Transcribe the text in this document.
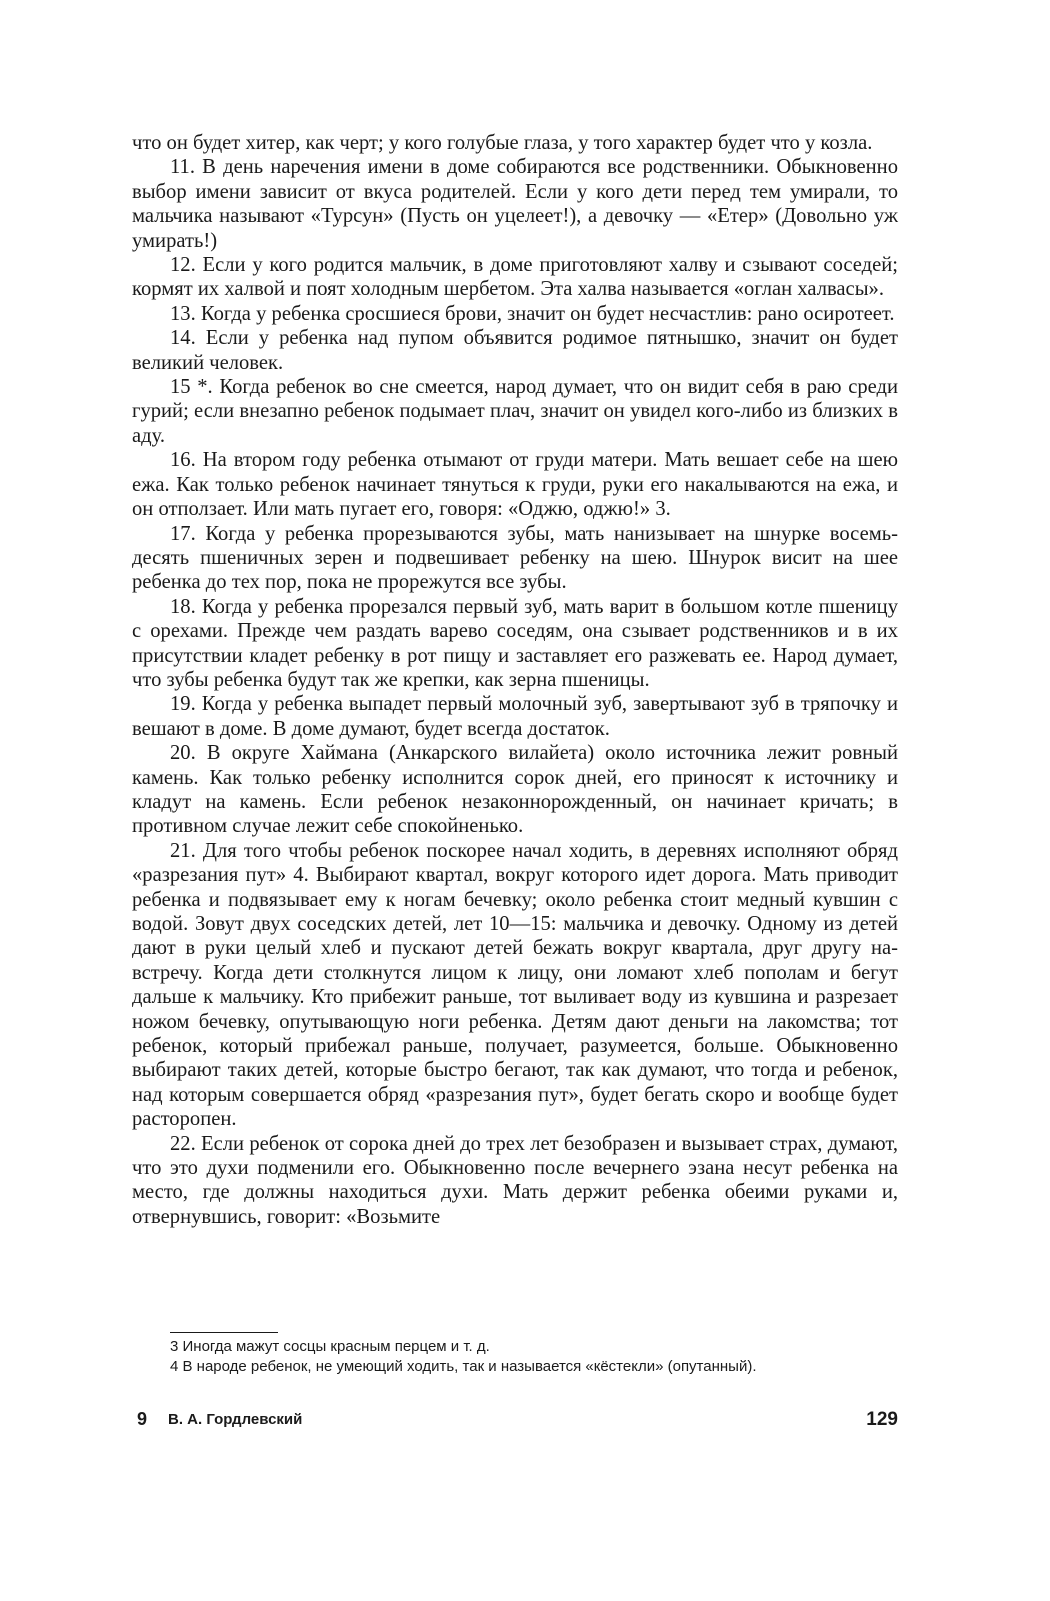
что он будет хитер, как черт; у кого голубые глаза, у того характер будет что у козла.

11. В день наречения имени в доме собираются все родственники. Обыкновенно выбор имени зависит от вкуса родителей. Если у кого дети перед тем умирали, то мальчика называют «Турсун» (Пусть он уцелеет!), а девочку — «Етер» (Довольно уж умирать!)

12. Если у кого родится мальчик, в доме приготовляют халву и сзывают соседей; кормят их халвой и поят холодным шербетом. Эта халва называется «оглан халвасы».

13. Когда у ребенка сросшиеся брови, значит он будет несчастлив: рано осиротеет.

14. Если у ребенка над пупом объявится родимое пятнышко, значит он будет великий человек.

15 *. Когда ребенок во сне смеется, народ думает, что он видит себя в раю среди гурий; если внезапно ребенок подымает плач, значит он увидел кого-либо из близких в аду.

16. На втором году ребенка отымают от груди матери. Мать вешает себе на шею ежа. Как только ребенок начинает тянуться к груди, руки его накалываются на ежа, и он отползает. Или мать пугает его, говоря: «Оджю, оджю!» 3.

17. Когда у ребенка прорезываются зубы, мать нанизывает на шнурке восемь-десять пшеничных зерен и подвешивает ребенку на шею. Шнурок висит на шее ребенка до тех пор, пока не прорежутся все зубы.

18. Когда у ребенка прорезался первый зуб, мать варит в большом котле пшеницу с орехами. Прежде чем раздать варево соседям, она сзывает родственников и в их присутствии кладет ребенку в рот пищу и заставляет его разжевать ее. Народ думает, что зубы ребенка будут так же крепки, как зерна пшеницы.

19. Когда у ребенка выпадет первый молочный зуб, завертывают зуб в тряпочку и вешают в доме. В доме думают, будет всегда достаток.

20. В округе Хаймана (Анкарского вилайета) около источника лежит ровный камень. Как только ребенку исполнится сорок дней, его приносят к источнику и кладут на камень. Если ребенок незаконнорожденный, он начинает кричать; в противном случае лежит себе спокойненько.

21. Для того чтобы ребенок поскорее начал ходить, в деревнях исполняют обряд «разрезания пут» 4. Выбирают квартал, вокруг которого идет дорога. Мать приводит ребенка и подвязывает ему к ногам бечевку; около ребенка стоит медный кувшин с водой. Зовут двух соседских детей, лет 10—15: мальчика и девочку. Одному из детей дают в руки целый хлеб и пускают детей бежать вокруг квартала, друг другу навстречу. Когда дети столкнутся лицом к лицу, они ломают хлеб пополам и бегут дальше к мальчику. Кто прибежит раньше, тот выливает воду из кувшина и разрезает ножом бечевку, опутывающую ноги ребенка. Детям дают деньги на лакомства; тот ребенок, который прибежал раньше, получает, разумеется, больше. Обыкновенно выбирают таких детей, которые быстро бегают, так как думают, что тогда и ребенок, над которым совершается обряд «разрезания пут», будет бегать скоро и вообще будет расторопен.

22. Если ребенок от сорока дней до трех лет безобразен и вызывает страх, думают, что это духи подменили его. Обыкновенно после вечернего эзана несут ребенка на место, где должны находиться духи. Мать держит ребенка обеими руками и, отвернувшись, говорит: «Возьмите

3 Иногда мажут сосцы красным перцем и т. д.

4 В народе ребенок, не умеющий ходить, так и называется «кёстекли» (опутанный).

9 В. А. Гордлевский	129
